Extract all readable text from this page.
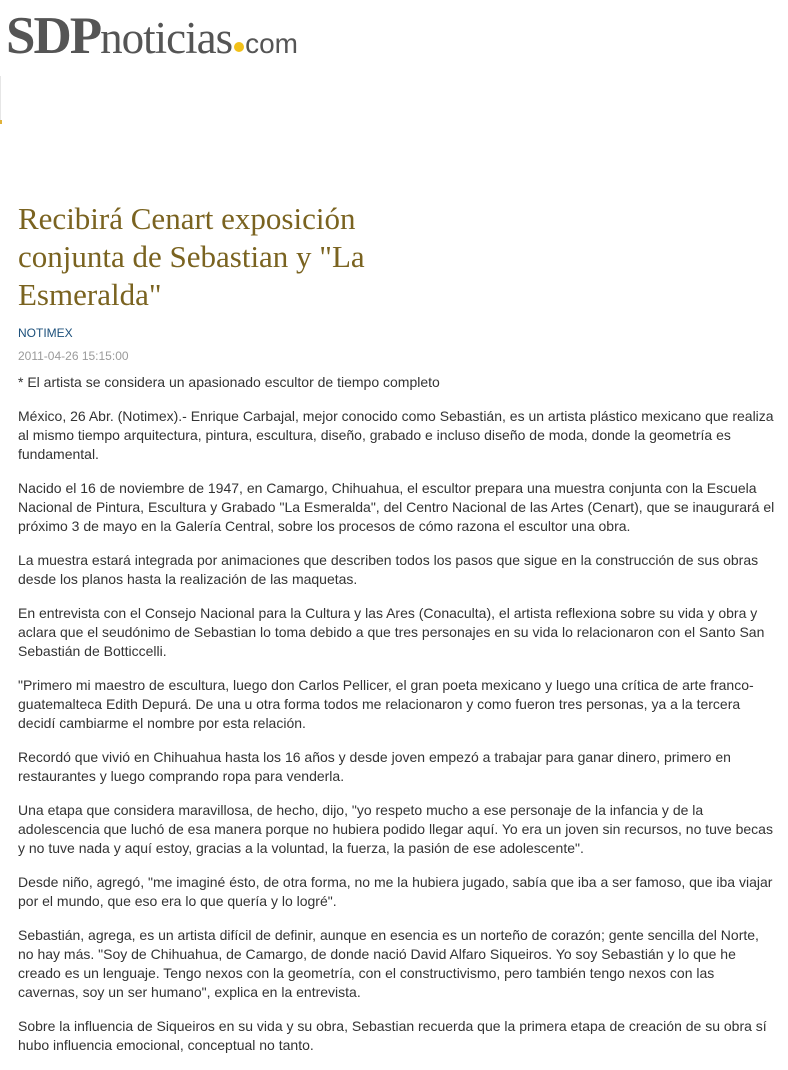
SDP noticias com
Recibirá Cenart exposición conjunta de Sebastian y "La Esmeralda"
NOTIMEX
2011-04-26 15:15:00

* El artista se considera un apasionado escultor de tiempo completo

México, 26 Abr. (Notimex).- Enrique Carbajal, mejor conocido como Sebastián, es un artista plástico mexicano que realiza al mismo tiempo arquitectura, pintura, escultura, diseño, grabado e incluso diseño de moda, donde la geometría es fundamental.

Nacido el 16 de noviembre de 1947, en Camargo, Chihuahua, el escultor prepara una muestra conjunta con la Escuela Nacional de Pintura, Escultura y Grabado "La Esmeralda", del Centro Nacional de las Artes (Cenart), que se inaugurará el próximo 3 de mayo en la Galería Central, sobre los procesos de cómo razona el escultor una obra.

La muestra estará integrada por animaciones que describen todos los pasos que sigue en la construcción de sus obras desde los planos hasta la realización de las maquetas.

En entrevista con el Consejo Nacional para la Cultura y las Ares (Conaculta), el artista reflexiona sobre su vida y obra y aclara que el seudónimo de Sebastian lo toma debido a que tres personajes en su vida lo relacionaron con el Santo San Sebastián de Botticcelli.

"Primero mi maestro de escultura, luego don Carlos Pellicer, el gran poeta mexicano y luego una crítica de arte franco-guatemalteca Edith Depurá. De una u otra forma todos me relacionaron y como fueron tres personas, ya a la tercera decidí cambiarme el nombre por esta relación.

Recordó que vivió en Chihuahua hasta los 16 años y desde joven empezó a trabajar para ganar dinero, primero en restaurantes y luego comprando ropa para venderla.

Una etapa que considera maravillosa, de hecho, dijo, "yo respeto mucho a ese personaje de la infancia y de la adolescencia que luchó de esa manera porque no hubiera podido llegar aquí. Yo era un joven sin recursos, no tuve becas y no tuve nada y aquí estoy, gracias a la voluntad, la fuerza, la pasión de ese adolescente".

Desde niño, agregó, "me imaginé ésto, de otra forma, no me la hubiera jugado, sabía que iba a ser famoso, que iba viajar por el mundo, que eso era lo que quería y lo logré".

Sebastián, agrega, es un artista difícil de definir, aunque en esencia es un norteño de corazón; gente sencilla del Norte, no hay más. "Soy de Chihuahua, de Camargo, de donde nació David Alfaro Siqueiros. Yo soy Sebastián y lo que he creado es un lenguaje. Tengo nexos con la geometría, con el constructivismo, pero también tengo nexos con las cavernas, soy un ser humano", explica en la entrevista.

Sobre la influencia de Siqueiros en su vida y su obra, Sebastian recuerda que la primera etapa de creación de su obra sí hubo influencia emocional, conceptual no tanto.
